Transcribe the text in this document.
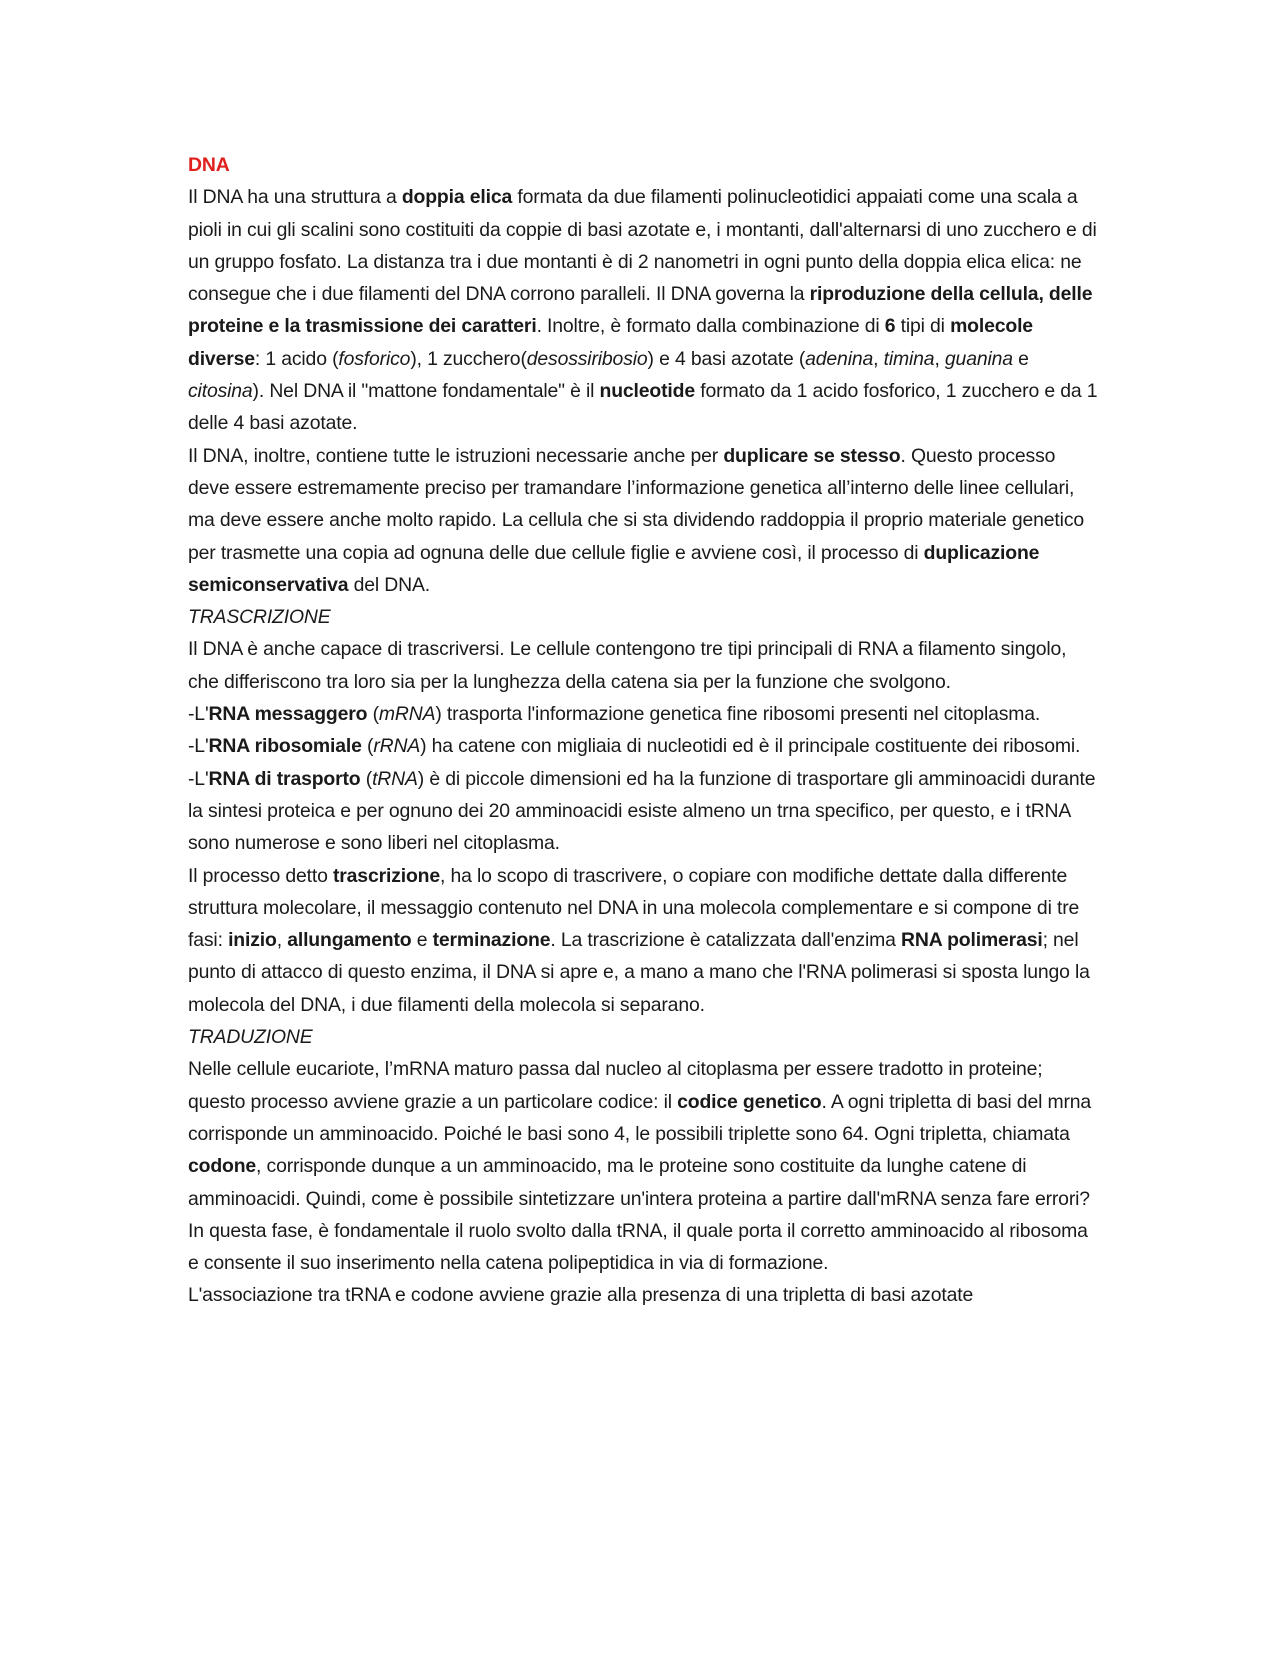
DNA

Il DNA ha una struttura a doppia elica formata da due filamenti polinucleotidici appaiati come una scala a pioli in cui gli scalini sono costituiti da coppie di basi azotate e, i montanti, dall'alternarsi di uno zucchero e di un gruppo fosfato. La distanza tra i due montanti è di 2 nanometri in ogni punto della doppia elica elica: ne consegue che i due filamenti del DNA corrono paralleli. Il DNA governa la riproduzione della cellula, delle proteine e la trasmissione dei caratteri. Inoltre, è formato dalla combinazione di 6 tipi di molecole diverse: 1 acido (fosforico), 1 zucchero(desossiribosio) e 4 basi azotate (adenina, timina, guanina e citosina). Nel DNA il "mattone fondamentale" è il nucleotide formato da 1 acido fosforico, 1 zucchero e da 1 delle 4 basi azotate.

Il DNA, inoltre, contiene tutte le istruzioni necessarie anche per duplicare se stesso. Questo processo deve essere estremamente preciso per tramandare l’informazione genetica all’interno delle linee cellulari, ma deve essere anche molto rapido. La cellula che si sta dividendo raddoppia il proprio materiale genetico per trasmette una copia ad ognuna delle due cellule figlie e avviene così, il processo di duplicazione semiconservativa del DNA.

TRASCRIZIONE

Il DNA è anche capace di trascriversi. Le cellule contengono tre tipi principali di RNA a filamento singolo, che differiscono tra loro sia per la lunghezza della catena sia per la funzione che svolgono.

-L'RNA messaggero (mRNA) trasporta l'informazione genetica fine ribosomi presenti nel citoplasma.

-L'RNA ribosomiale (rRNA) ha catene con migliaia di nucleotidi ed è il principale costituente dei ribosomi.

-L'RNA di trasporto (tRNA) è di piccole dimensioni ed ha la funzione di trasportare gli amminoacidi durante la sintesi proteica e per ognuno dei 20 amminoacidi esiste almeno un trna specifico, per questo, e i tRNA sono numerose e sono liberi nel citoplasma.

Il processo detto trascrizione, ha lo scopo di trascrivere, o copiare con modifiche dettate dalla differente struttura molecolare, il messaggio contenuto nel DNA in una molecola complementare e si compone di tre fasi: inizio, allungamento e terminazione. La trascrizione è catalizzata dall'enzima RNA polimerasi; nel punto di attacco di questo enzima, il DNA si apre e, a mano a mano che l'RNA polimerasi si sposta lungo la molecola del DNA, i due filamenti della molecola si separano.

TRADUZIONE

Nelle cellule eucariote, l’mRNA maturo passa dal nucleo al citoplasma per essere tradotto in proteine; questo processo avviene grazie a un particolare codice: il codice genetico. A ogni tripletta di basi del mrna corrisponde un amminoacido. Poiché le basi sono 4, le possibili triplette sono 64. Ogni tripletta, chiamata codone, corrisponde dunque a un amminoacido, ma le proteine sono costituite da lunghe catene di amminoacidi. Quindi, come è possibile sintetizzare un'intera proteina a partire dall'mRNA senza fare errori? In questa fase, è fondamentale il ruolo svolto dalla tRNA, il quale porta il corretto amminoacido al ribosoma e consente il suo inserimento nella catena polipeptidica in via di formazione.

L'associazione tra tRNA e codone avviene grazie alla presenza di una tripletta di basi azotate
